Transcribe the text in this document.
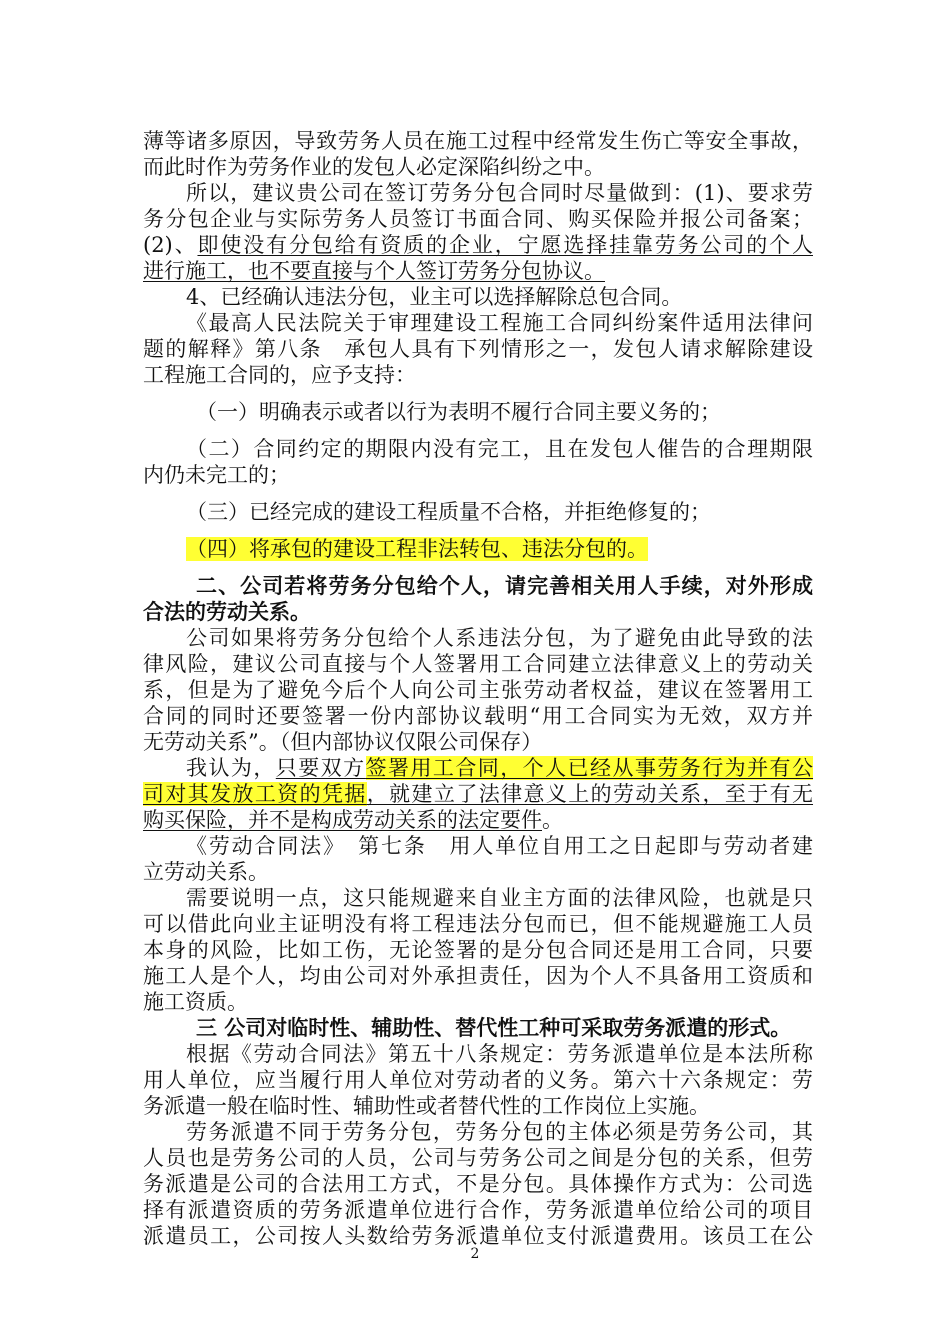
薄等诸多原因，导致劳务人员在施工过程中经常发生伤亡等安全事故，
而此时作为劳务作业的发包人必定深陷纠纷之中。
所以，建议贵公司在签订劳务分包合同时尽量做到：(1)、要求劳
务分包企业与实际劳务人员签订书面合同、购买保险并报公司备案；
(2)、即使没有分包给有资质的企业，宁愿选择挂靠劳务公司的个人
进行施工，也不要直接与个人签订劳务分包协议。
4、已经确认违法分包，业主可以选择解除总包合同。
《最高人民法院关于审理建设工程施工合同纠纷案件适用法律问
题的解释》第八条　承包人具有下列情形之一，发包人请求解除建设
工程施工合同的，应予支持：
（一）明确表示或者以行为表明不履行合同主要义务的；
（二）合同约定的期限内没有完工，且在发包人催告的合理期限
内仍未完工的；
（三）已经完成的建设工程质量不合格，并拒绝修复的；
（四）将承包的建设工程非法转包、违法分包的。
二、公司若将劳务分包给个人，请完善相关用人手续，对外形成
合法的劳动关系。
公司如果将劳务分包给个人系违法分包，为了避免由此导致的法
律风险，建议公司直接与个人签署用工合同建立法律意义上的劳动关
系，但是为了避免今后个人向公司主张劳动者权益，建议在签署用工
合同的同时还要签署一份内部协议载明“用工合同实为无效，双方并
无劳动关系”。（但内部协议仅限公司保存）
我认为，只要双方签署用工合同，个人已经从事劳务行为并有公
司对其发放工资的凭据，就建立了法律意义上的劳动关系，至于有无
购买保险，并不是构成劳动关系的法定要件。
《劳动合同法》　第七条　用人单位自用工之日起即与劳动者建
立劳动关系。
需要说明一点，这只能规避来自业主方面的法律风险，也就是只
可以借此向业主证明没有将工程违法分包而已，但不能规避施工人员
本身的风险，比如工伤，无论签署的是分包合同还是用工合同，只要
施工人是个人，均由公司对外承担责任，因为个人不具备用工资质和
施工资质。
三 公司对临时性、辅助性、替代性工种可采取劳务派遣的形式。
根据《劳动合同法》第五十八条规定：劳务派遣单位是本法所称
用人单位，应当履行用人单位对劳动者的义务。第六十六条规定：劳
务派遣一般在临时性、辅助性或者替代性的工作岗位上实施。
劳务派遣不同于劳务分包，劳务分包的主体必须是劳务公司，其
人员也是劳务公司的人员，公司与劳务公司之间是分包的关系，但劳
务派遣是公司的合法用工方式，不是分包。具体操作方式为：公司选
择有派遣资质的劳务派遣单位进行合作，劳务派遣单位给公司的项目
派遣员工，公司按人头数给劳务派遣单位支付派遣费用。该员工在公
2
